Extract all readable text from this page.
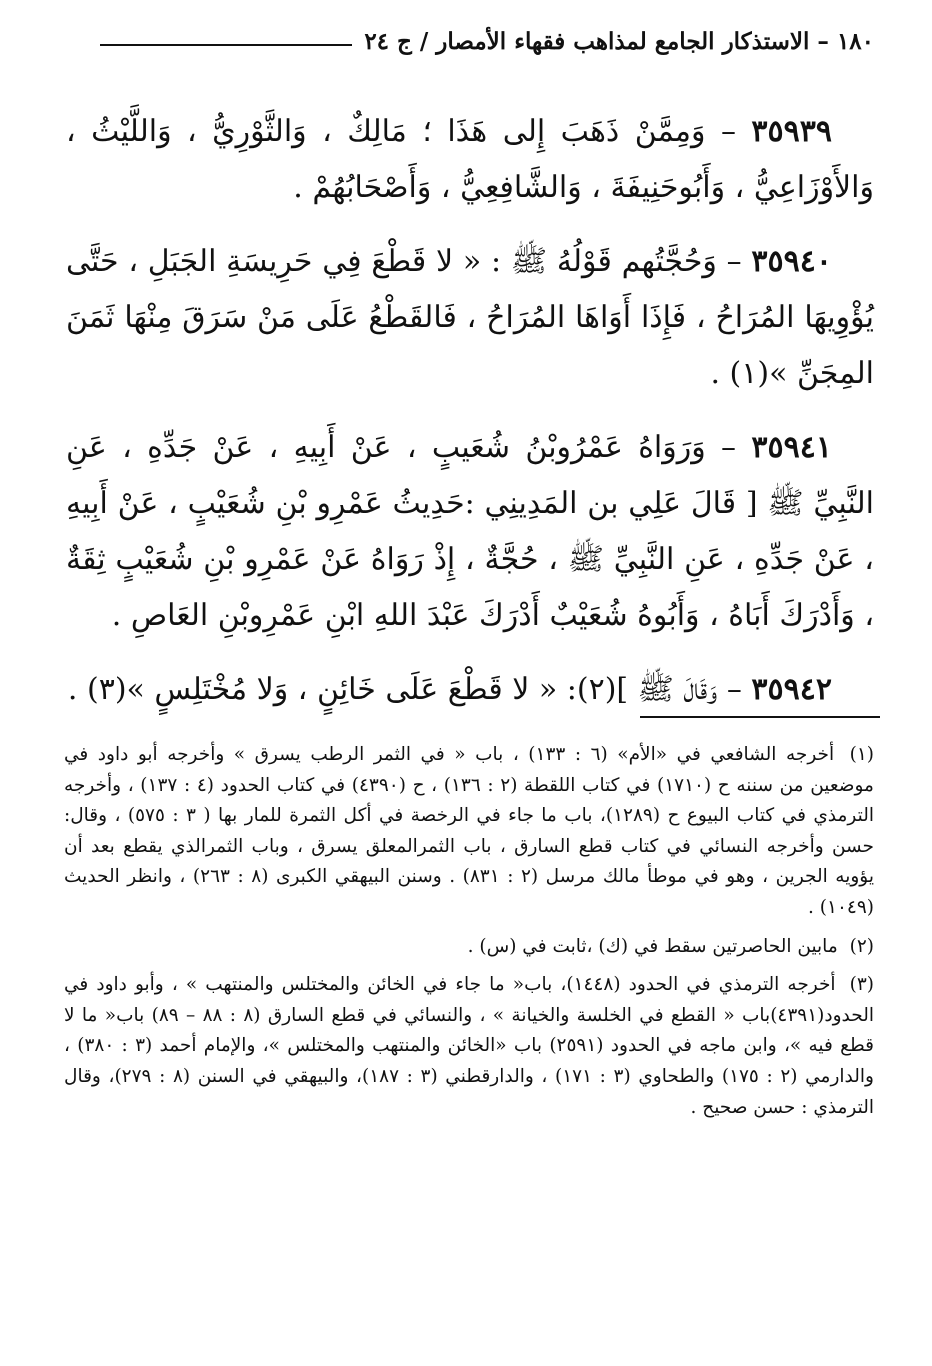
١٨٠ – الاستذكار الجامع لمذاهب فقهاء الأمصار / ج ٢٤

٣٥٩٣٩ – وَمِمَّنْ ذَهَبَ إِلى هَذَا ؛ مَالِكٌ ، وَالثَّوْرِيُّ ، وَاللَّيْثُ ، وَالأَوْزَاعِيُّ ، وَأَبُوحَنِيفَةَ ، وَالشَّافِعِيُّ ، وَأَصْحَابُهُمْ .

٣٥٩٤٠ – وَحُجَّتُهم قَوْلُهُ ﷺ : « لا قَطْعَ فِي حَرِيسَةِ الجَبَلِ ، حَتَّى يُؤْوِيهَا المُرَاحُ ، فَإِذَا أَوَاهَا المُرَاحُ ، فَالقَطْعُ عَلَى مَنْ سَرَقَ مِنْهَا ثَمَنَ المِجَنِّ »(١) .

٣٥٩٤١ – وَرَوَاهُ عَمْرُوبْنُ شُعَيبٍ ، عَنْ أَبِيهِ ، عَنْ جَدِّهِ ، عَنِ النَّبِيِّ ﷺ [ قَالَ عَلِي بن المَدِينِي :حَدِيثُ عَمْرِو بْنِ شُعَيْبٍ ، عَنْ أَبِيهِ ، عَنْ جَدِّهِ ، عَنِ النَّبِيِّ ﷺ ، حُجَّةٌ ، إِذْ رَوَاهُ عَنْ عَمْرِو بْنِ شُعَيْبٍ ثِقَةٌ ، وَأَدْرَكَ أَبَاهُ ، وَأَبُوهُ شُعَيْبٌ أَدْرَكَ عَبْدَ اللهِ ابْنِ عَمْرِوبْنِ العَاصِ .

٣٥٩٤٢ – وَقَالَ ﷺ ](٢): « لا قَطْعَ عَلَى خَائِنٍ ، وَلا مُخْتَلِسٍ »(٣) .

(١) أخرجه الشافعي في «الأم» (٦ : ١٣٣) ، باب « في الثمر الرطب يسرق » وأخرجه أبو داود في موضعين من سننه ح (١٧١٠) في كتاب اللقطة (٢ : ١٣٦) ، ح (٤٣٩٠) في كتاب الحدود (٤ : ١٣٧) ، وأخرجه الترمذي في كتاب البيوع ح (١٢٨٩)، باب ما جاء في الرخصة في أكل الثمرة للمار بها ( ٣ : ٥٧٥) ، وقال: حسن وأخرجه النسائي في كتاب قطع السارق ، باب الثمرالمعلق يسرق ، وباب الثمرالذي يقطع بعد أن يؤويه الجرين ، وهو في موطأ مالك مرسل (٢ : ٨٣١) . وسنن البيهقي الكبرى (٨ : ٢٦٣) ، وانظر الحديث (١٠٤٩) .

(٢) مابين الحاصرتين سقط في (ك) ،ثابت في (س) .

(٣) أخرجه الترمذي في الحدود (١٤٤٨)، باب« ما جاء في الخائن والمختلس والمنتهب » ، وأبو داود في الحدود(٤٣٩١)باب « القطع في الخلسة والخيانة » ، والنسائي في قطع السارق (٨ : ٨٨ – ٨٩) باب« ما لا قطع فيه »، وابن ماجه في الحدود (٢٥٩١) باب «الخائن والمنتهب والمختلس »، والإمام أحمد (٣ : ٣٨٠) ، والدارمي (٢ : ١٧٥) والطحاوي (٣ : ١٧١) ، والدارقطني (٣ : ١٨٧)، والبيهقي في السنن (٨ : ٢٧٩)، وقال الترمذي : حسن صحيح .
